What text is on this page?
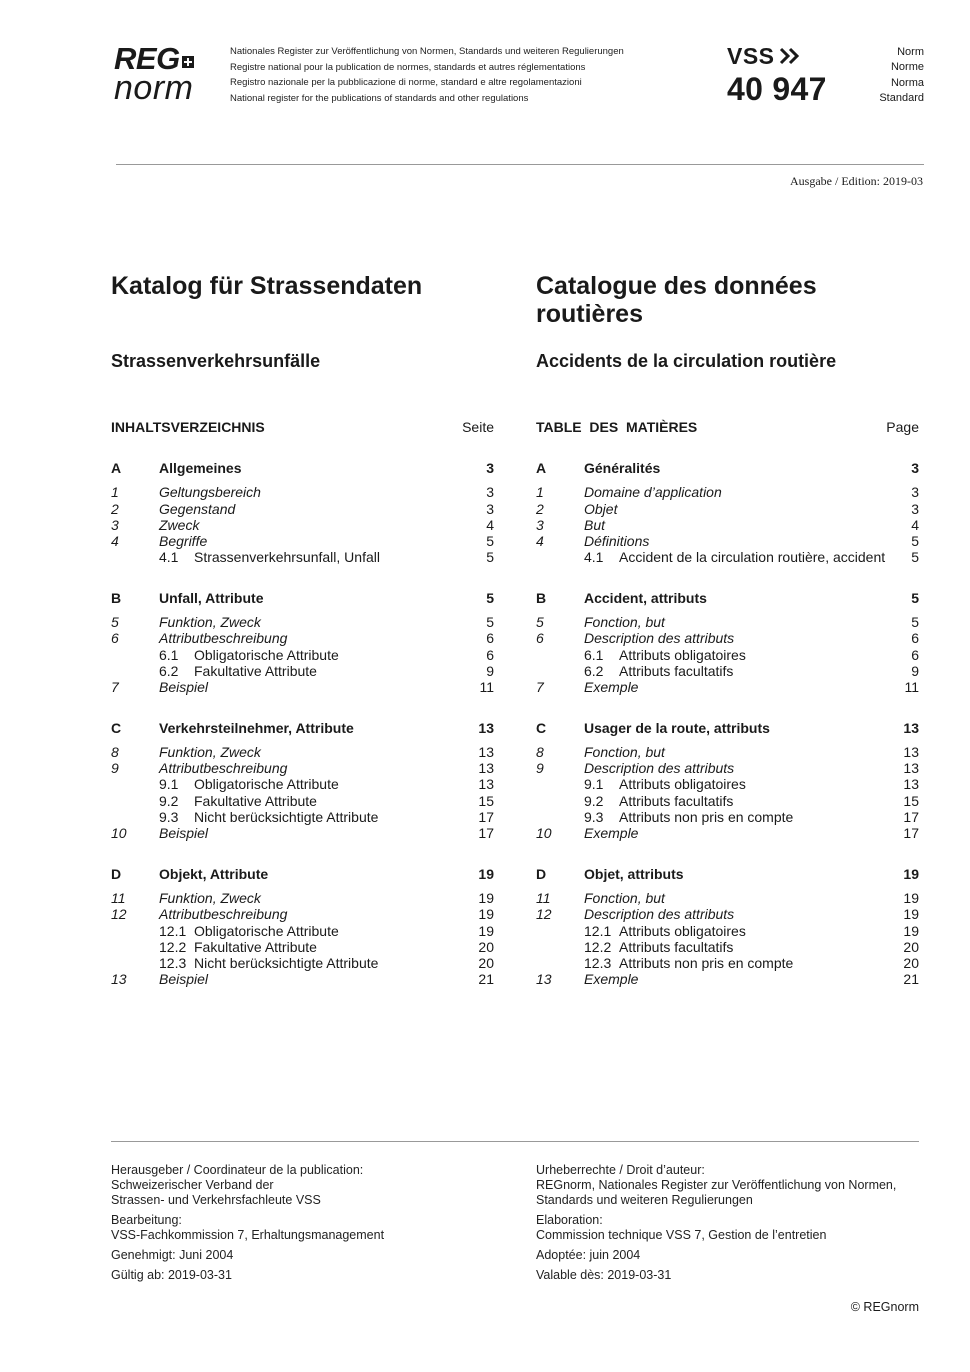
REG
norm
Nationales Register zur Veröffentlichung von Normen, Standards und weiteren Regulierungen
Registre national pour la publication de normes, standards et autres réglementations
Registro nazionale per la pubblicazione di norme, standard e altre regolamentazioni
National register for the publications of standards and other regulations
VSS
40 947
Norm
Norme
Norma
Standard
Ausgabe / Edition: 2019-03
Katalog für Strassendaten	Catalogue des données routières
Strassenverkehrsunfälle	Accidents de la circulation routière
INHALTSVERZEICHNIS	Seite	TABLE  DES  MATIÈRES	Page
A	Allgemeines	3
1	Geltungsbereich	3
2	Gegenstand	3
3	Zweck	4
4	Begriffe	5
4.1 Strassenverkehrsunfall, Unfall	5
B	Unfall, Attribute	5
5	Funktion, Zweck	5
6	Attributbeschreibung	6
6.1 Obligatorische Attribute	6
6.2 Fakultative Attribute	9
7	Beispiel	11
C	Verkehrsteilnehmer, Attribute	13
8	Funktion, Zweck	13
9	Attributbeschreibung	13
9.1 Obligatorische Attribute	13
9.2 Fakultative Attribute	15
9.3 Nicht berücksichtigte Attribute	17
10	Beispiel	17
D	Objekt, Attribute	19
11	Funktion, Zweck	19
12	Attributbeschreibung	19
12.1 Obligatorische Attribute	19
12.2 Fakultative Attribute	20
12.3 Nicht berücksichtigte Attribute	20
13	Beispiel	21
A	Généralités	3
1	Domaine d’application	3
2	Objet	3
3	But	4
4	Définitions	5
4.1 Accident de la circulation routière, accident	5
B	Accident, attributs	5
5	Fonction, but	5
6	Description des attributs	6
6.1 Attributs obligatoires	6
6.2 Attributs facultatifs	9
7	Exemple	11
C	Usager de la route, attributs	13
8	Fonction, but	13
9	Description des attributs	13
9.1 Attributs obligatoires	13
9.2 Attributs facultatifs	15
9.3 Attributs non pris en compte	17
10	Exemple	17
D	Objet, attributs	19
11	Fonction, but	19
12	Description des attributs	19
12.1 Attributs obligatoires	19
12.2 Attributs facultatifs	20
12.3 Attributs non pris en compte	20
13	Exemple	21
Herausgeber / Coordinateur de la publication:
Schweizerischer Verband der
Strassen- und Verkehrsfachleute VSS
Bearbeitung:
VSS-Fachkommission 7, Erhaltungsmanagement
Genehmigt: Juni 2004
Gültig ab: 2019-03-31
Urheberrechte / Droit d’auteur:
REGnorm, Nationales Register zur Veröffentlichung von Normen,
Standards und weiteren Regulierungen
Elaboration:
Commission technique VSS 7, Gestion de l’entretien
Adoptée: juin 2004
Valable dès: 2019-03-31
© REGnorm
